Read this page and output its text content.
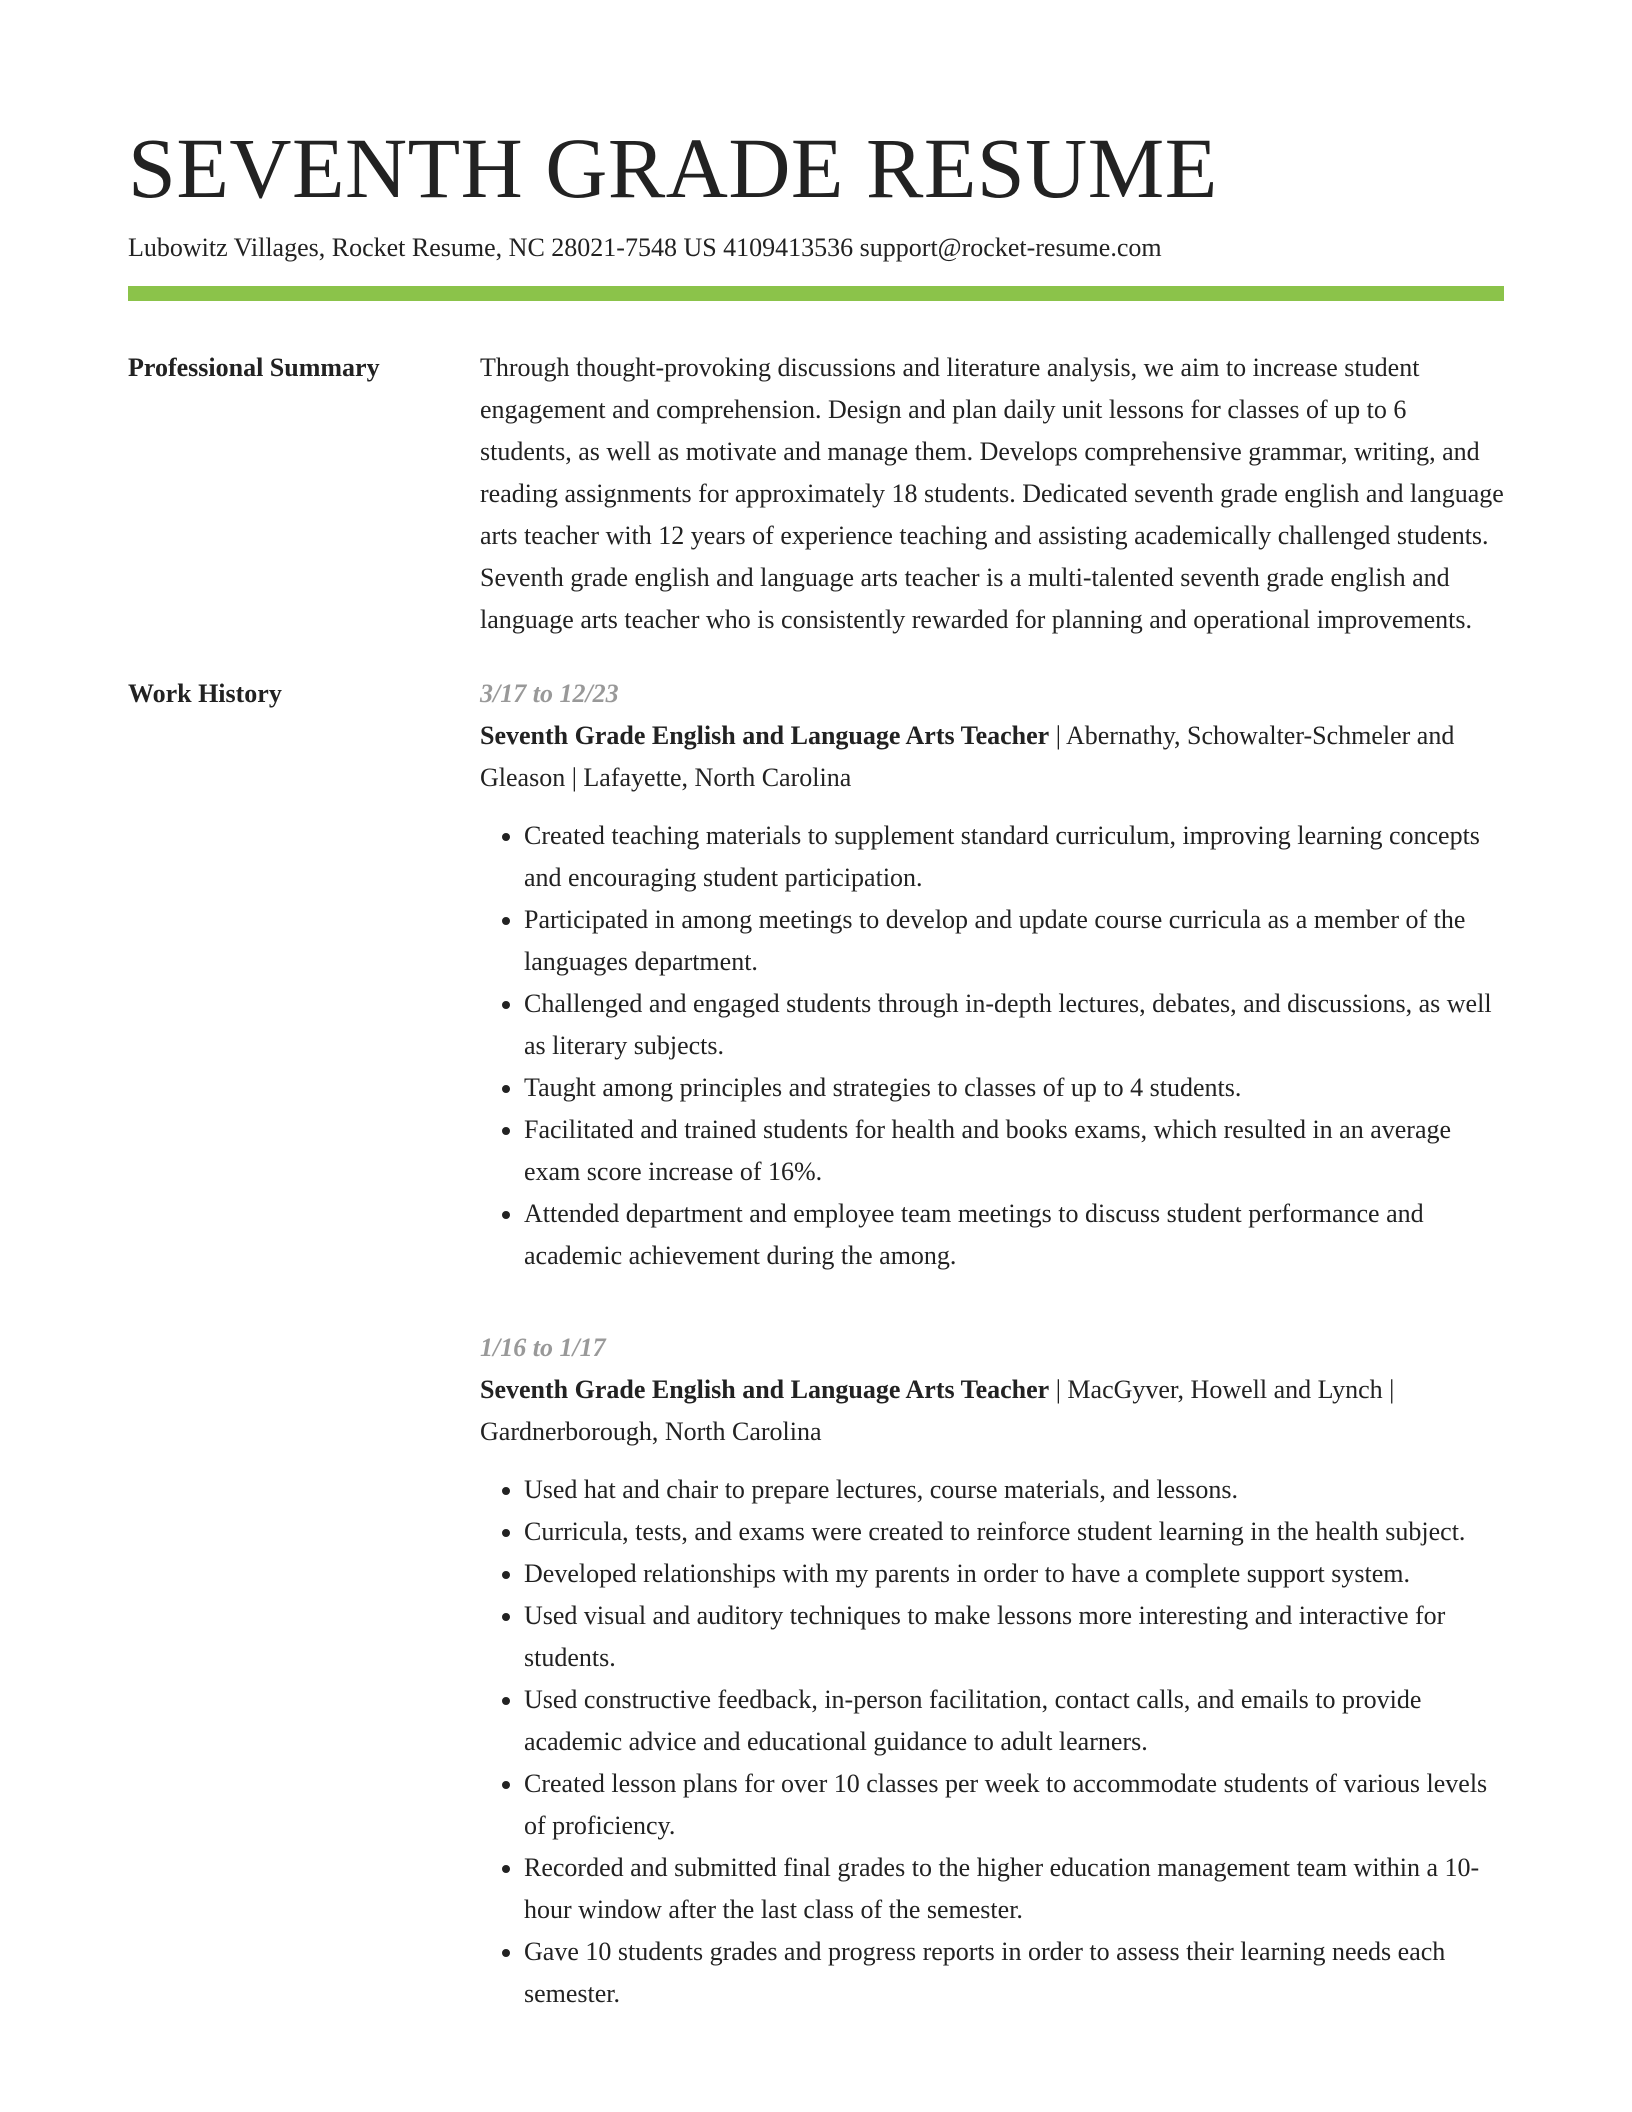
SEVENTH GRADE RESUME
Lubowitz Villages, Rocket Resume, NC 28021-7548 US 4109413536 support@rocket-resume.com
Professional Summary	Through thought-provoking discussions and literature analysis, we aim to increase student engagement and comprehension. Design and plan daily unit lessons for classes of up to 6 students, as well as motivate and manage them. Develops comprehensive grammar, writing, and reading assignments for approximately 18 students. Dedicated seventh grade english and language arts teacher with 12 years of experience teaching and assisting academically challenged students. Seventh grade english and language arts teacher is a multi-talented seventh grade english and language arts teacher who is consistently rewarded for planning and operational improvements.

Work History	3/17 to 12/23
Seventh Grade English and Language Arts Teacher | Abernathy, Schowalter-Schmeler and Gleason | Lafayette, North Carolina
• Created teaching materials to supplement standard curriculum, improving learning concepts and encouraging student participation.
• Participated in among meetings to develop and update course curricula as a member of the languages department.
• Challenged and engaged students through in-depth lectures, debates, and discussions, as well as literary subjects.
• Taught among principles and strategies to classes of up to 4 students.
• Facilitated and trained students for health and books exams, which resulted in an average exam score increase of 16%.
• Attended department and employee team meetings to discuss student performance and academic achievement during the among.
1/16 to 1/17
Seventh Grade English and Language Arts Teacher | MacGyver, Howell and Lynch | Gardnerborough, North Carolina
• Used hat and chair to prepare lectures, course materials, and lessons.
• Curricula, tests, and exams were created to reinforce student learning in the health subject.
• Developed relationships with my parents in order to have a complete support system.
• Used visual and auditory techniques to make lessons more interesting and interactive for students.
• Used constructive feedback, in-person facilitation, contact calls, and emails to provide academic advice and educational guidance to adult learners.
• Created lesson plans for over 10 classes per week to accommodate students of various levels of proficiency.
• Recorded and submitted final grades to the higher education management team within a 10-hour window after the last class of the semester.
• Gave 10 students grades and progress reports in order to assess their learning needs each semester.
